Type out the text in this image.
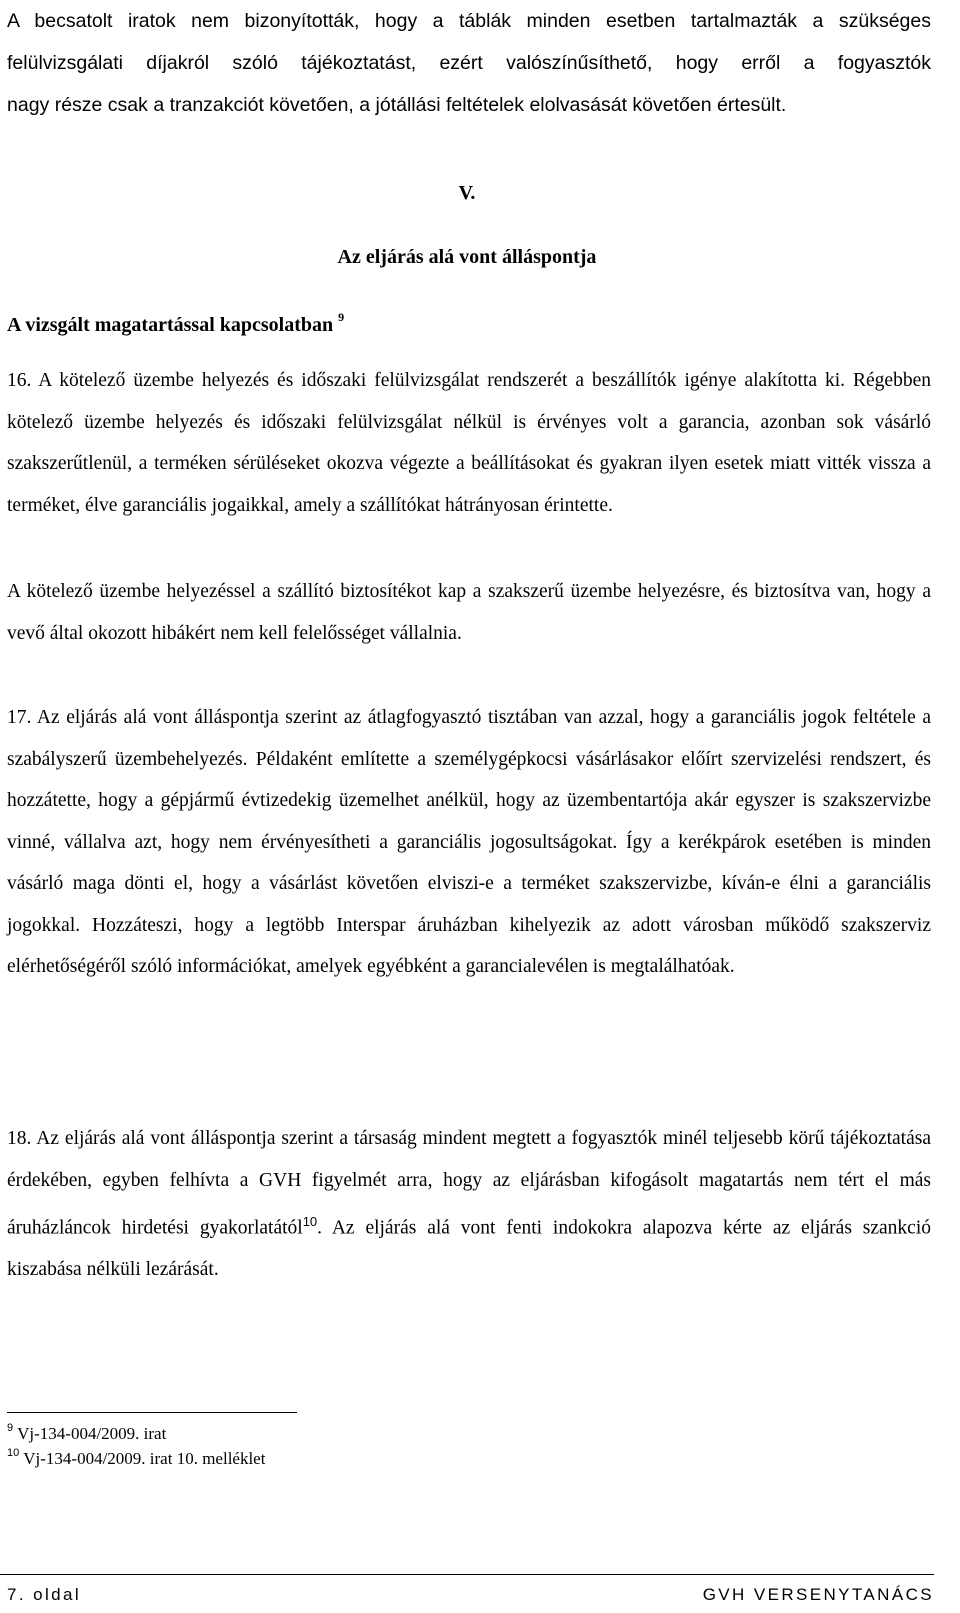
A becsatolt iratok nem bizonyították, hogy a táblák minden esetben tartalmazták a szükséges
felülvizsgálati díjakról szóló tájékoztatást, ezért valószínűsíthető, hogy erről a fogyasztók
nagy része csak a tranzakciót követően, a jótállási feltételek elolvasását követően értesült.
V.
Az eljárás alá vont álláspontja
A vizsgált magatartással kapcsolatban $^9$
16. A kötelező üzembe helyezés és időszaki felülvizsgálat rendszerét a beszállítók igénye alakította ki. Régebben kötelező üzembe helyezés és időszaki felülvizsgálat nélkül is érvényes volt a garancia, azonban sok vásárló szakszerűtlenül, a terméken sérüléseket okozva végezte a beállításokat és gyakran ilyen esetek miatt vitték vissza a terméket, élve garanciális jogaikkal, amely a szállítókat hátrányosan érintette.
A kötelező üzembe helyezéssel a szállító biztosítékot kap a szakszerű üzembe helyezésre, és biztosítva van, hogy a vevő által okozott hibákért nem kell felelősséget vállalnia.
17. Az eljárás alá vont álláspontja szerint az átlagfogyasztó tisztában van azzal, hogy a garanciális jogok feltétele a szabályszerű üzembehelyezés. Példaként említette a személygépkocsi vásárlásakor előírt szervizelési rendszert, és hozzátette, hogy a gépjármű évtizedekig üzemelhet anélkül, hogy az üzembentartója akár egyszer is szakszervizbe vinné, vállalva azt, hogy nem érvényesítheti a garanciális jogosultságokat. Így a kerékpárok esetében is minden vásárló maga dönti el, hogy a vásárlást követően elviszi-e a terméket szakszervizbe, kíván-e élni a garanciális jogokkal. Hozzáteszi, hogy a legtöbb Interspar áruházban kihelyezik az adott városban működő szakszerviz elérhetőségéről szóló információkat, amelyek egyébként a garancialevélen is megtalálhatóak.
18. Az eljárás alá vont álláspontja szerint a társaság mindent megtett a fogyasztók minél teljesebb körű tájékoztatása érdekében, egyben felhívta a GVH figyelmét arra, hogy az eljárásban kifogásolt magatartás nem tért el más áruházláncok hirdetési gyakorlatától$^{10}$. Az eljárás alá vont fenti indokokra alapozva kérte az eljárás szankció kiszabása nélküli lezárását.
$^9$ Vj-134-004/2009. irat
$^{10}$ Vj-134-004/2009. irat 10. melléklet
7. oldal	GVH VERSENYTANÁCS
